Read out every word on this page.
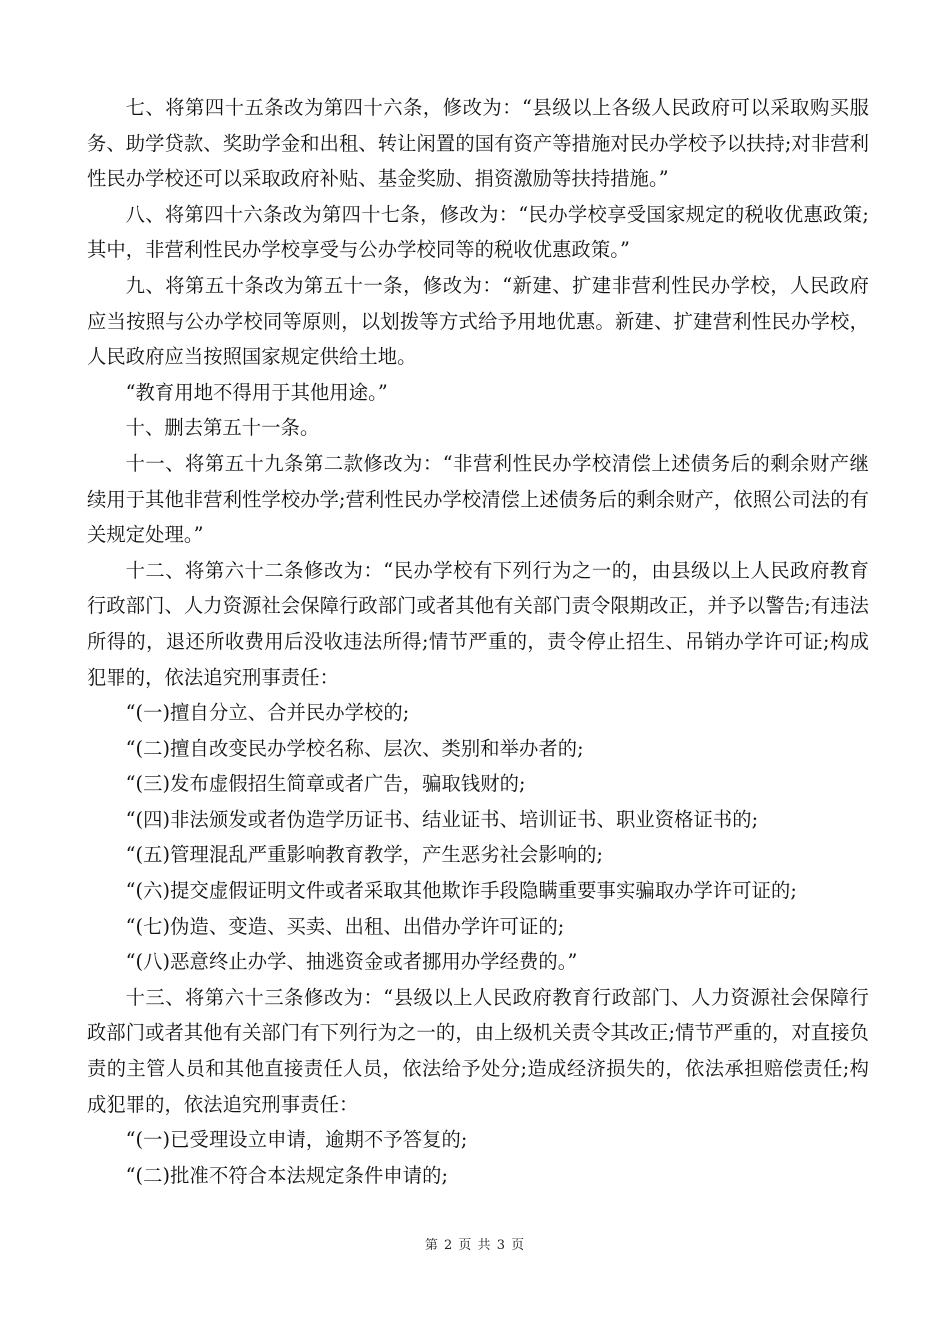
七、将第四十五条改为第四十六条，修改为：“县级以上各级人民政府可以采取购买服务、助学贷款、奖助学金和出租、转让闲置的国有资产等措施对民办学校予以扶持;对非营利性民办学校还可以采取政府补贴、基金奖励、捐资激励等扶持措施。”

八、将第四十六条改为第四十七条，修改为：“民办学校享受国家规定的税收优惠政策;其中，非营利性民办学校享受与公办学校同等的税收优惠政策。”

九、将第五十条改为第五十一条，修改为：“新建、扩建非营利性民办学校，人民政府应当按照与公办学校同等原则，以划拨等方式给予用地优惠。新建、扩建营利性民办学校，人民政府应当按照国家规定供给土地。

“教育用地不得用于其他用途。”

十、删去第五十一条。

十一、将第五十九条第二款修改为：“非营利性民办学校清偿上述债务后的剩余财产继续用于其他非营利性学校办学;营利性民办学校清偿上述债务后的剩余财产，依照公司法的有关规定处理。”

十二、将第六十二条修改为：“民办学校有下列行为之一的，由县级以上人民政府教育行政部门、人力资源社会保障行政部门或者其他有关部门责令限期改正，并予以警告;有违法所得的，退还所收费用后没收违法所得;情节严重的，责令停止招生、吊销办学许可证;构成犯罪的，依法追究刑事责任：

“(一)擅自分立、合并民办学校的;

“(二)擅自改变民办学校名称、层次、类别和举办者的;

“(三)发布虚假招生简章或者广告，骗取钱财的;

“(四)非法颁发或者伪造学历证书、结业证书、培训证书、职业资格证书的;

“(五)管理混乱严重影响教育教学，产生恶劣社会影响的;

“(六)提交虚假证明文件或者采取其他欺诈手段隐瞒重要事实骗取办学许可证的;

“(七)伪造、变造、买卖、出租、出借办学许可证的;

“(八)恶意终止办学、抽逃资金或者挪用办学经费的。”

十三、将第六十三条修改为：“县级以上人民政府教育行政部门、人力资源社会保障行政部门或者其他有关部门有下列行为之一的，由上级机关责令其改正;情节严重的，对直接负责的主管人员和其他直接责任人员，依法给予处分;造成经济损失的，依法承担赔偿责任;构成犯罪的，依法追究刑事责任：

“(一)已受理设立申请，逾期不予答复的;

“(二)批准不符合本法规定条件申请的;

第 2 页 共 3 页
